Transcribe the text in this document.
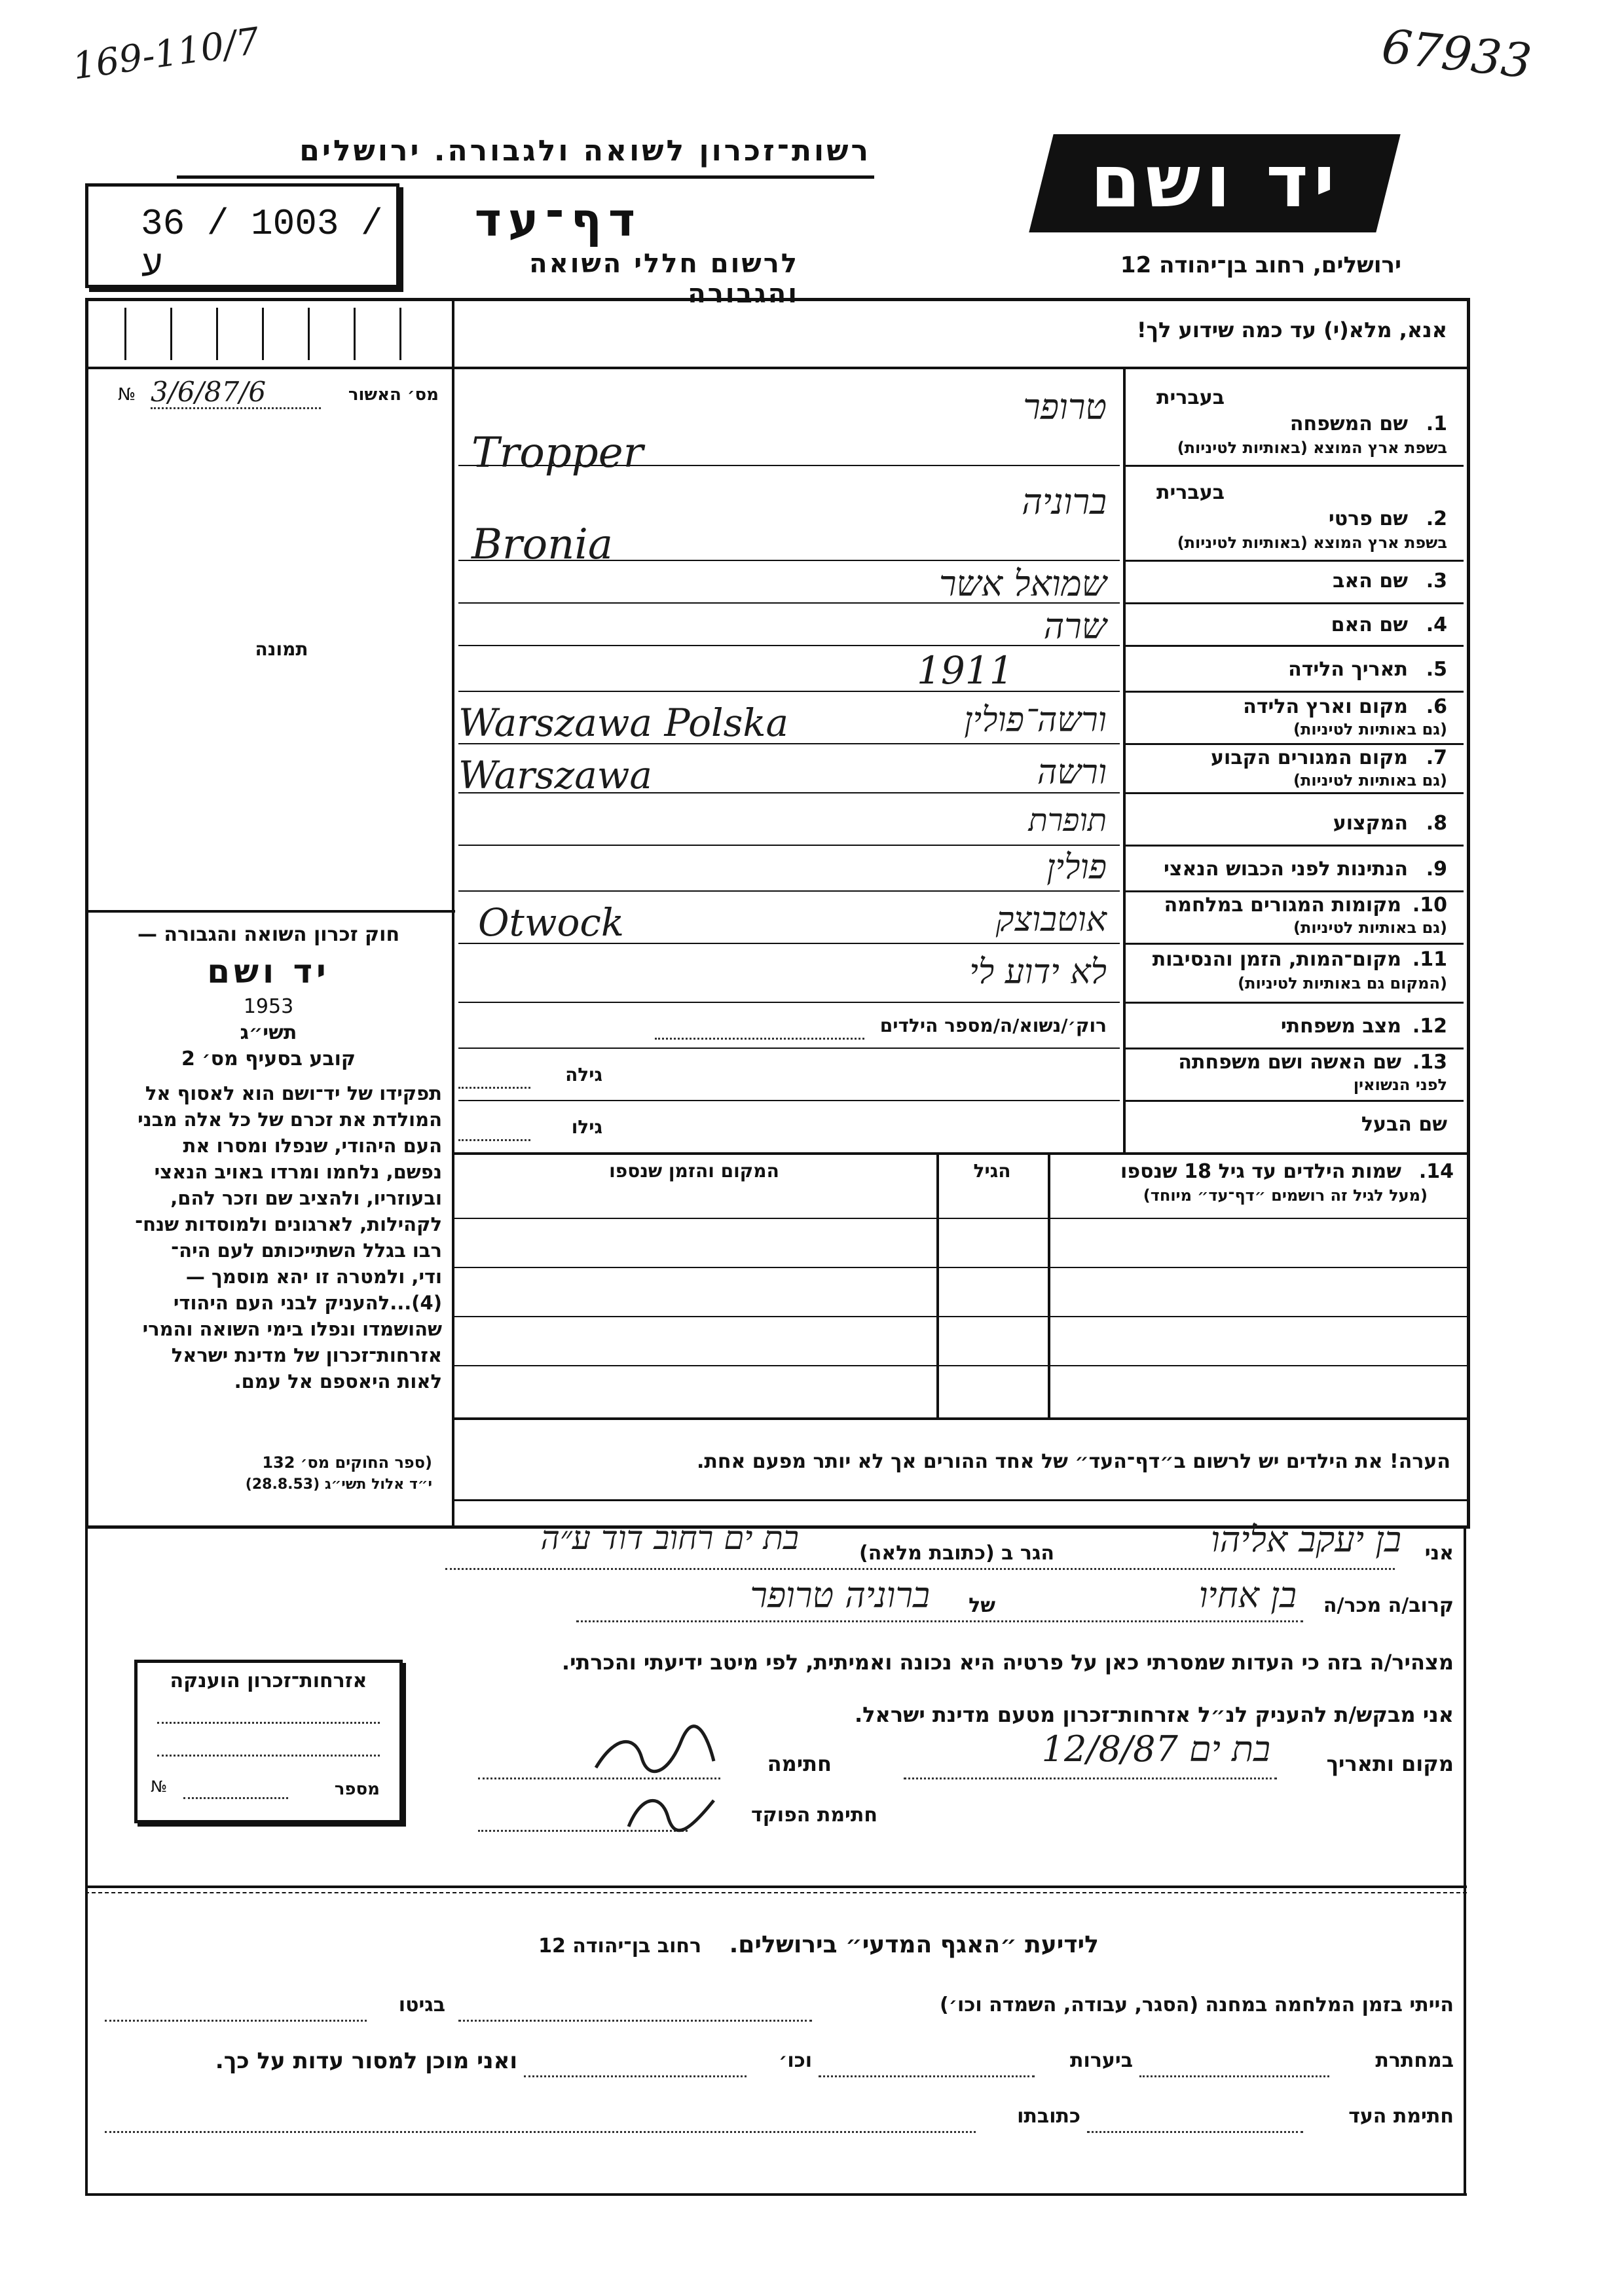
169-110/7	67933
רשות־זכרון לשואה ולגבורה. ירושלים
דף־עד
לרשום חללי השואה והגבורה
36 / 1003 / ע
יד ושם
ירושלים, רחוב בן־יהודה 12
אנא, מלא(י) עד כמה שידוע לך!
מס׳ האשור
№ 3/6/87/6
תמונה
בעברית
1.
שם המשפחה
בשפת ארץ המוצא (באותיות לטיניות)
טרופר
Tropper
בעברית
2.
שם פרטי
בשפת ארץ המוצא (באותיות לטיניות)
ברוניה
Bronia
3.
שם האב
שמואל אשר
4.
שם האם
שרה
5.
תאריך הלידה
1911
6.
מקום וארץ הלידה
(גם באותיות לטיניות)
ורשה־פולין
Warszawa Polska
7.
מקום המגורים הקבוע
(גם באותיות לטיניות)
ורשה
Warszawa
8.
המקצוע
תופרת
9.
הנתינות לפני הכבוש הנאצי
פולין
10.
מקומות המגורים במלחמה
(גם באותיות לטיניות)
אוטבוצק
Otwock
11.
מקום־המות, הזמן והנסיבות
(המקום גם באותיות לטיניות)
לא ידוע לי
12.
מצב משפחתי
רוק׳/נשוא/ה/מספר הילדים
13.
שם האשה ושם משפחתה
לפני הנשואין
גילה
שם הבעל
גילו
14.
שמות הילדים עד גיל 18 שנספו
(מעל לגיל זה רושמים ״דף־עד״ מיוחד)
הגיל
המקום והזמן שנספו
הערה! את הילדים יש לרשום ב״דף־העד״ של אחד ההורים אך לא יותר מפעם אחת.
חוק זכרון השואה והגבורה —
יד ושם
1953
תשי״ג
קובע בסעיף מס׳ 2
תפקידו של יד־ושם הוא לאסוף אל
המולדת את זכרם של כל אלה מבני
העם היהודי, שנפלו ומסרו את
נפשם, נלחמו ומרדו באויב הנאצי
ובעוזריו, ולהציב שם וזכר להם,
לקהילות, לארגונים ולמוסדות שנח־
רבו בגלל השתייכותם לעם היה־
ודי, ולמטרה זו יהא מוסמך —
(4)...להעניק לבני העם היהודי
שהושמדו ונפלו בימי השואה והמרי
אזרחות־זכרון של מדינת ישראל
לאות היאספם אל עמם.
(ספר החוקים מס׳ 132
י״ד אלול תשי״ג (28.8.53)
אני
בן יעקב אליהו
הגר ב (כתובת מלאה)
בת ים רחוב דוד ע״ה
קרוב/ה מכר/ה
בן אחיו
של
ברוניה טרופר
מצהיר/ה בזה כי העדות שמסרתי כאן על פרטיה היא נכונה ואמיתית, לפי מיטב ידיעתי והכרתי.
אני מבקש/ת להעניק לנ״ל אזרחות־זכרון מטעם מדינת ישראל.
מקום ותאריך
בת ים 12/8/87
חתימה
חתימת הפוקד
אזרחות־זכרון הוענקה
№	מספר
לידיעת ״האגף המדעי״ בירושלים. רחוב בן־יהודה 12
הייתי בזמן המלחמה במחנה (הסגר, עבודה, השמדה וכו׳)
בגיטו
במחתרת
ביערות
וכו׳
ואני מוכן למסור עדות על כך.
חתימת העד
כתובתו
